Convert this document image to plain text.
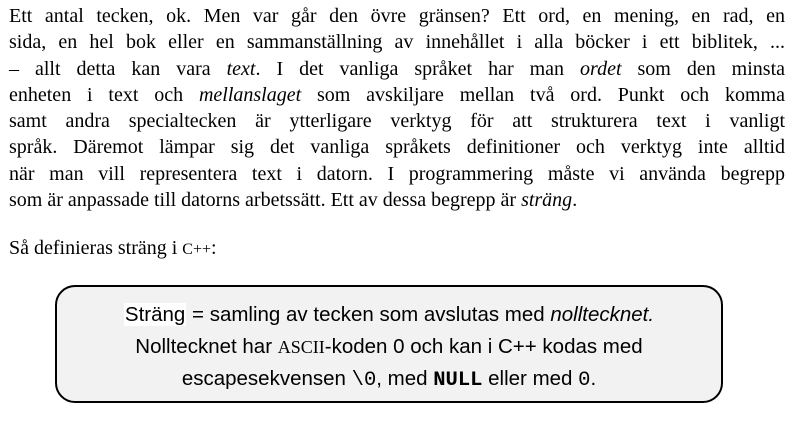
Ett antal tecken, ok. Men var går den övre gränsen? Ett ord, en mening, en rad, en
sida, en hel bok eller en sammanställning av innehållet i alla böcker i ett biblitek, ...
– allt detta kan vara text. I det vanliga språket har man ordet som den minsta
enheten i text och mellanslaget som avskiljare mellan två ord. Punkt och komma
samt andra specialtecken är ytterligare verktyg för att strukturera text i vanligt
språk. Däremot lämpar sig det vanliga språkets definitioner och verktyg inte alltid
när man vill representera text i datorn. I programmering måste vi använda begrepp
som är anpassade till datorns arbetssätt. Ett av dessa begrepp är sträng.

Så definieras sträng i C++:

Sträng = samling av tecken som avslutas med nolltecknet.
Nolltecknet har ASCII-koden 0 och kan i C++ kodas med
escapesekvensen \0, med NULL eller med 0.
